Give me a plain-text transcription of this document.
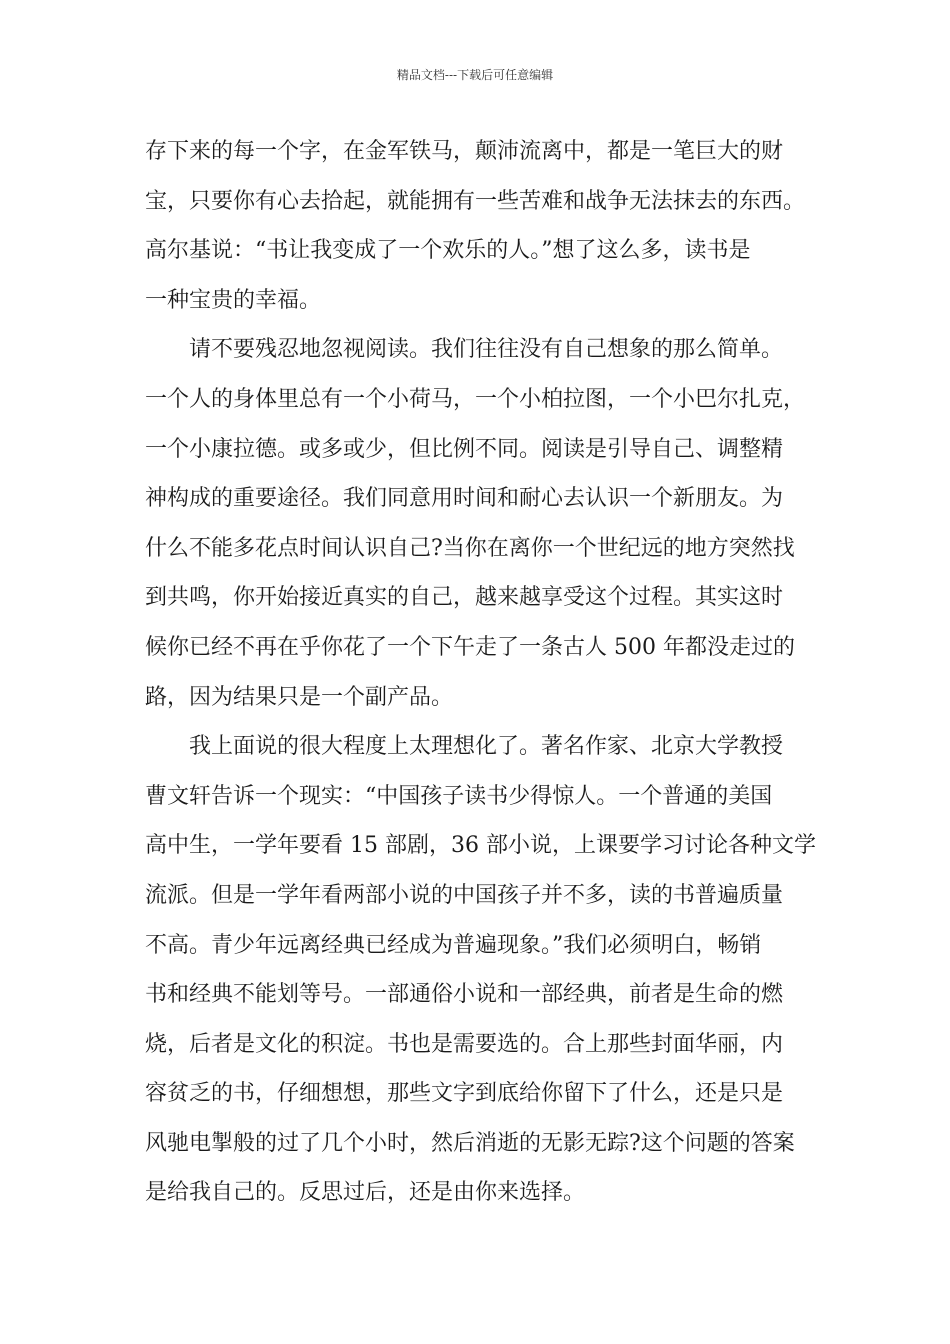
精品文档---下载后可任意编辑
存下来的每一个字，在金军铁马，颠沛流离中，都是一笔巨大的财
宝，只要你有心去拾起，就能拥有一些苦难和战争无法抹去的东西。
高尔基说：“书让我变成了一个欢乐的人。”想了这么多，读书是
一种宝贵的幸福。
请不要残忍地忽视阅读。我们往往没有自己想象的那么简单。
一个人的身体里总有一个小荷马，一个小柏拉图，一个小巴尔扎克，
一个小康拉德。或多或少，但比例不同。阅读是引导自己、调整精
神构成的重要途径。我们同意用时间和耐心去认识一个新朋友。为
什么不能多花点时间认识自己?当你在离你一个世纪远的地方突然找
到共鸣，你开始接近真实的自己，越来越享受这个过程。其实这时
候你已经不再在乎你花了一个下午走了一条古人 500 年都没走过的
路，因为结果只是一个副产品。
我上面说的很大程度上太理想化了。著名作家、北京大学教授
曹文轩告诉一个现实：“中国孩子读书少得惊人。一个普通的美国
高中生，一学年要看 15 部剧，36 部小说，上课要学习讨论各种文学
流派。但是一学年看两部小说的中国孩子并不多，读的书普遍质量
不高。青少年远离经典已经成为普遍现象。”我们必须明白，畅销
书和经典不能划等号。一部通俗小说和一部经典，前者是生命的燃
烧，后者是文化的积淀。书也是需要选的。合上那些封面华丽，内
容贫乏的书，仔细想想，那些文字到底给你留下了什么，还是只是
风驰电掣般的过了几个小时，然后消逝的无影无踪?这个问题的答案
是给我自己的。反思过后，还是由你来选择。
